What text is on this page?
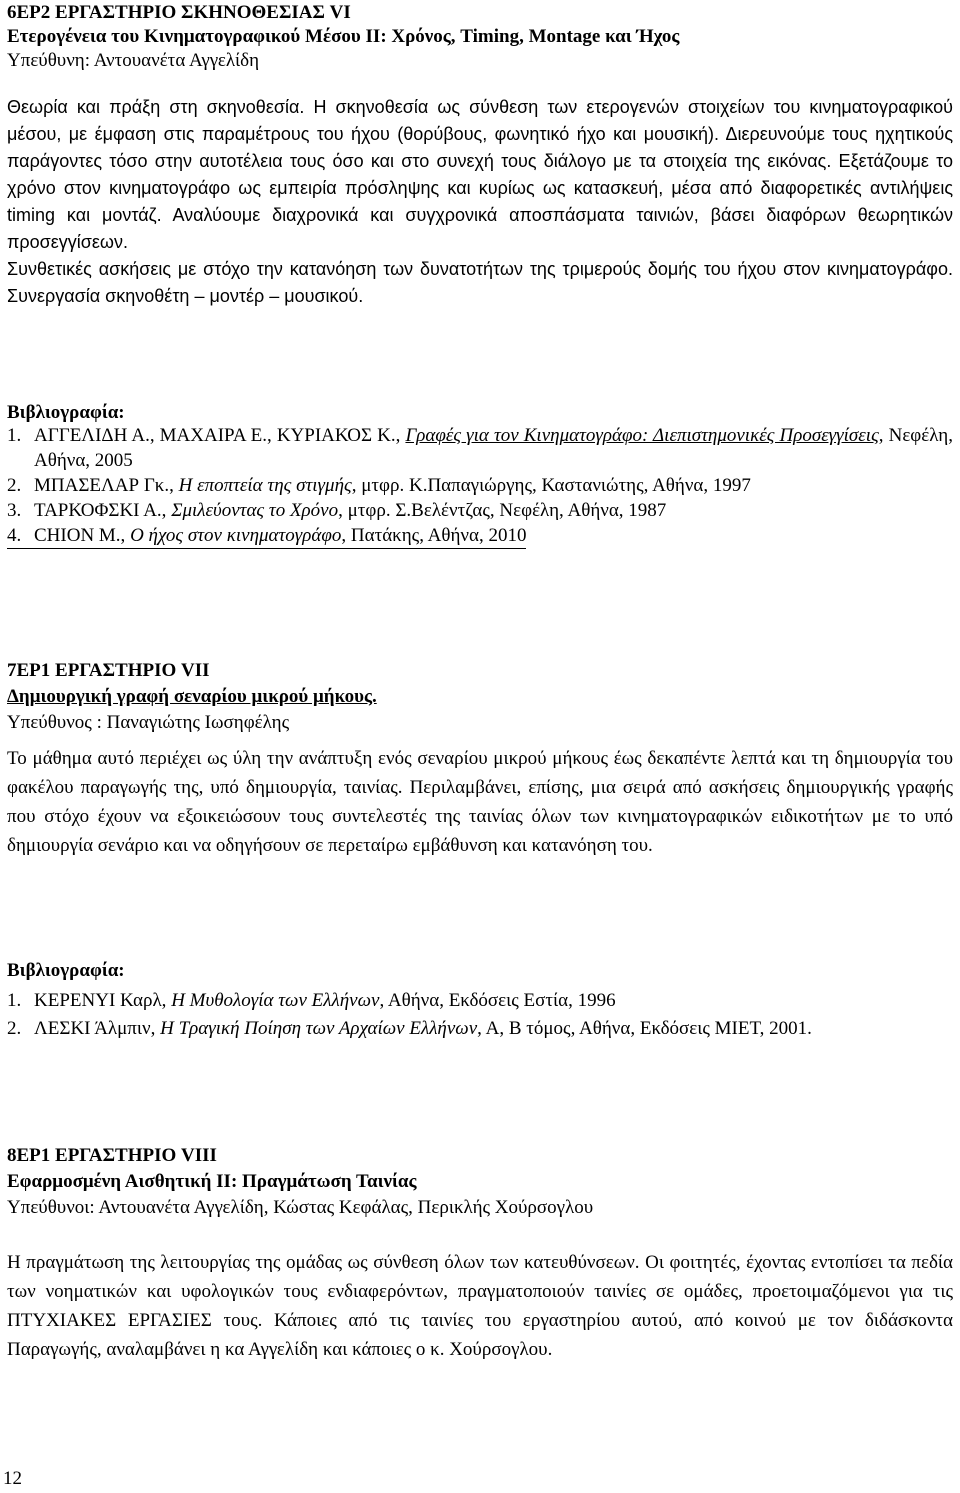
6ΕΡ2 ΕΡΓΑΣΤΗΡΙΟ ΣΚΗΝΟΘΕΣΙΑΣ VI
Ετερογένεια του Κινηματογραφικού Μέσου ΙΙ: Χρόνος, Timing, Montage και Ήχος
Υπεύθυνη: Αντουανέτα Αγγελίδη

Θεωρία και πράξη στη σκηνοθεσία. Η σκηνοθεσία ως σύνθεση των ετερογενών στοιχείων του κινηματογραφικού μέσου, με έμφαση στις παραμέτρους του ήχου (θορύβους, φωνητικό ήχο και μουσική). Διερευνούμε τους ηχητικούς παράγοντες τόσο στην αυτοτέλεια τους όσο και στο συνεχή τους διάλογο με τα στοιχεία της εικόνας. Εξετάζουμε το χρόνο στον κινηματογράφο ως εμπειρία πρόσληψης και κυρίως ως κατασκευή, μέσα από διαφορετικές αντιλήψεις timing και μοντάζ. Αναλύουμε διαχρονικά και συγχρονικά αποσπάσματα ταινιών, βάσει διαφόρων θεωρητικών προσεγγίσεων.

Συνθετικές ασκήσεις με στόχο την κατανόηση των δυνατοτήτων της τριμερούς δομής του ήχου στον κινηματογράφο. Συνεργασία σκηνοθέτη – μοντέρ – μουσικού.

Βιβλιογραφία:
1. ΑΓΓΕΛΙΔΗ Α., ΜΑΧΑΙΡΑ Ε., ΚΥΡΙΑΚΟΣ Κ., Γραφές για τον Κινηματογράφο: Διεπιστημονικές Προσεγγίσεις, Νεφέλη, Αθήνα, 2005
2. ΜΠΑΣΕΛΑΡ Γκ., Η εποπτεία της στιγμής, μτφρ. Κ.Παπαγιώργης, Καστανιώτης, Αθήνα, 1997
3. ΤΑΡΚΟΦΣΚΙ Α., Σμιλεύοντας το Χρόνο, μτφρ. Σ.Βελέντζας, Νεφέλη, Αθήνα, 1987
4. CHION M., Ο ήχος στον κινηματογράφο, Πατάκης, Αθήνα, 2010
7ΕΡ1 ΕΡΓΑΣΤΗΡΙΟ VII
Δημιουργική γραφή σεναρίου μικρού μήκους.
Υπεύθυνος : Παναγιώτης Ιωσηφέλης

Το μάθημα αυτό περιέχει ως ύλη την ανάπτυξη ενός σεναρίου μικρού μήκους έως δεκαπέντε λεπτά και τη δημιουργία του φακέλου παραγωγής της, υπό δημιουργία, ταινίας. Περιλαμβάνει, επίσης, μια σειρά από ασκήσεις δημιουργικής γραφής που στόχο έχουν να εξοικειώσουν τους συντελεστές της ταινίας όλων των κινηματογραφικών ειδικοτήτων με το υπό δημιουργία σενάριο και να οδηγήσουν σε περεταίρω εμβάθυνση και κατανόηση του.

Βιβλιογραφία:
1. ΚΕΡΕΝΥΙ Καρλ, Η Μυθολογία των Ελλήνων, Αθήνα, Εκδόσεις Εστία, 1996
2. ΛΕΣΚΙ Άλμπιν, Η Τραγική Ποίηση των Αρχαίων Ελλήνων, Α, Β τόμος, Αθήνα, Εκδόσεις ΜΙΕΤ, 2001.
8ΕΡ1 ΕΡΓΑΣΤΗΡΙΟ VIII
Εφαρμοσμένη Αισθητική ΙΙ: Πραγμάτωση Ταινίας
Υπεύθυνοι: Αντουανέτα Αγγελίδη, Κώστας Κεφάλας, Περικλής Χούρσογλου

Η πραγμάτωση της λειτουργίας της ομάδας ως σύνθεση όλων των κατευθύνσεων. Οι φοιτητές, έχοντας εντοπίσει τα πεδία των νοηματικών και υφολογικών τους ενδιαφερόντων, πραγματοποιούν ταινίες σε ομάδες, προετοιμαζόμενοι για τις ΠΤΥΧΙΑΚΕΣ ΕΡΓΑΣΙΕΣ τους. Κάποιες από τις ταινίες του εργαστηρίου αυτού, από κοινού με τον διδάσκοντα Παραγωγής, αναλαμβάνει η κα Αγγελίδη και κάποιες ο κ. Χούρσογλου.

12
